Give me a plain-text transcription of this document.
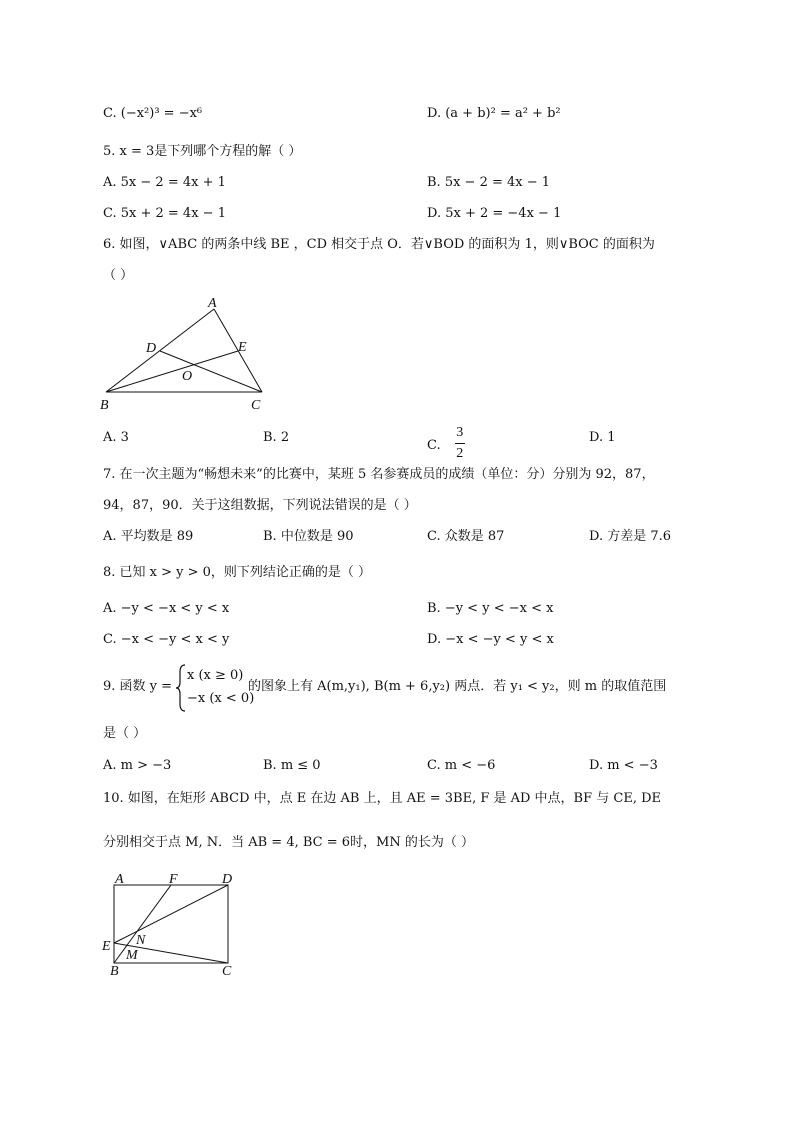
C. (−x²)³ = −x⁶	D. (a + b)² = a² + b²
5. x = 3是下列哪个方程的解（ ）
A. 5x − 2 = 4x + 1	B. 5x − 2 = 4x − 1
C. 5x + 2 = 4x − 1	D. 5x + 2 = −4x − 1
6. 如图，∨ABC 的两条中线 BE ，CD 相交于点 O．若∨BOD 的面积为 1，则∨BOC 的面积为
（ ）
A
D	E
O
B	C
A. 3	B. 2
C. $\frac{3}{2}$	D. 1
7. 在一次主题为“畅想未来”的比赛中，某班 5 名参赛成员的成绩（单位：分）分别为 92，87，
94，87，90．关于这组数据，下列说法错误的是（ ）
A. 平均数是 89	B. 中位数是 90	C. 众数是 87	D. 方差是 7.6
8. 已知 x > y > 0，则下列结论正确的是（ ）
A. −y < −x < y < x	B. −y < y < −x < x
C. −x < −y < x < y	D. −x < −y < y < x
9. 函数 y =
x (x ≥ 0)
−x (x < 0)
的图象上有 A(m,y₁), B(m + 6,y₂) 两点．若 y₁ < y₂，则 m 的取值范围
是（ ）
A. m > −3	B. m ≤ 0	C. m < −6	D. m < −3
10. 如图，在矩形 ABCD 中，点 E 在边 AB 上，且 AE = 3BE, F 是 AD 中点，BF 与 CE, DE
分别相交于点 M, N．当 AB = 4, BC = 6时，MN 的长为（ ）
A	F	D
E N
M
B	C
